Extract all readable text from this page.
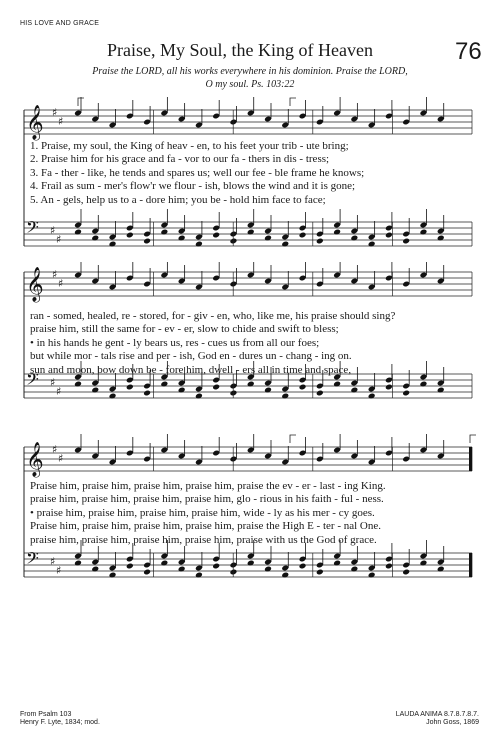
HIS LOVE AND GRACE
Praise, My Soul, the King of Heaven	76
Praise the LORD, all his works everywhere in his dominion. Praise the LORD,
O my soul. Ps. 103:22
𝄞 ♯
♯
𝄢 ♯
♯
1. Praise, my soul, the King of heav - en, to his feet your trib - ute bring;
2. Praise him for his grace and fa - vor to our fa - thers in dis - tress;
3. Fa - ther - like, he tends and spares us; well our fee - ble frame he knows;
4. Frail as sum - mer's flow'r we flour - ish, blows the wind and it is gone;
5. An - gels, help us to a - dore him; you be - hold him face to face;
𝄞 ♯
♯
𝄢 ♯
♯
ran - somed, healed, re - stored, for - giv - en, who, like me, his praise should sing?
praise him, still the same for - ev - er, slow to chide and swift to bless;
• in his hands he gent - ly bears us, res - cues us from all our foes;
but while mor - tals rise and per - ish, God en - dures un - chang - ing on.
sun and moon, bow down be - fore him, dwell - ers all in time and space,
𝄞 ♯
♯
𝄢 ♯
♯
Praise him, praise him, praise him, praise him, praise the ev - er - last - ing King.
praise him, praise him, praise him, praise him, glo - rious in his faith - ful - ness.
• praise him, praise him, praise him, praise him, wide - ly as his mer - cy goes.
Praise him, praise him, praise him, praise him, praise the High E - ter - nal One.
praise him, praise him, praise him, praise him, praise with us the God of grace.
From Psalm 103
Henry F. Lyte, 1834; mod.
LAUDA ANIMA 8.7.8.7.8.7.
John Goss, 1869
